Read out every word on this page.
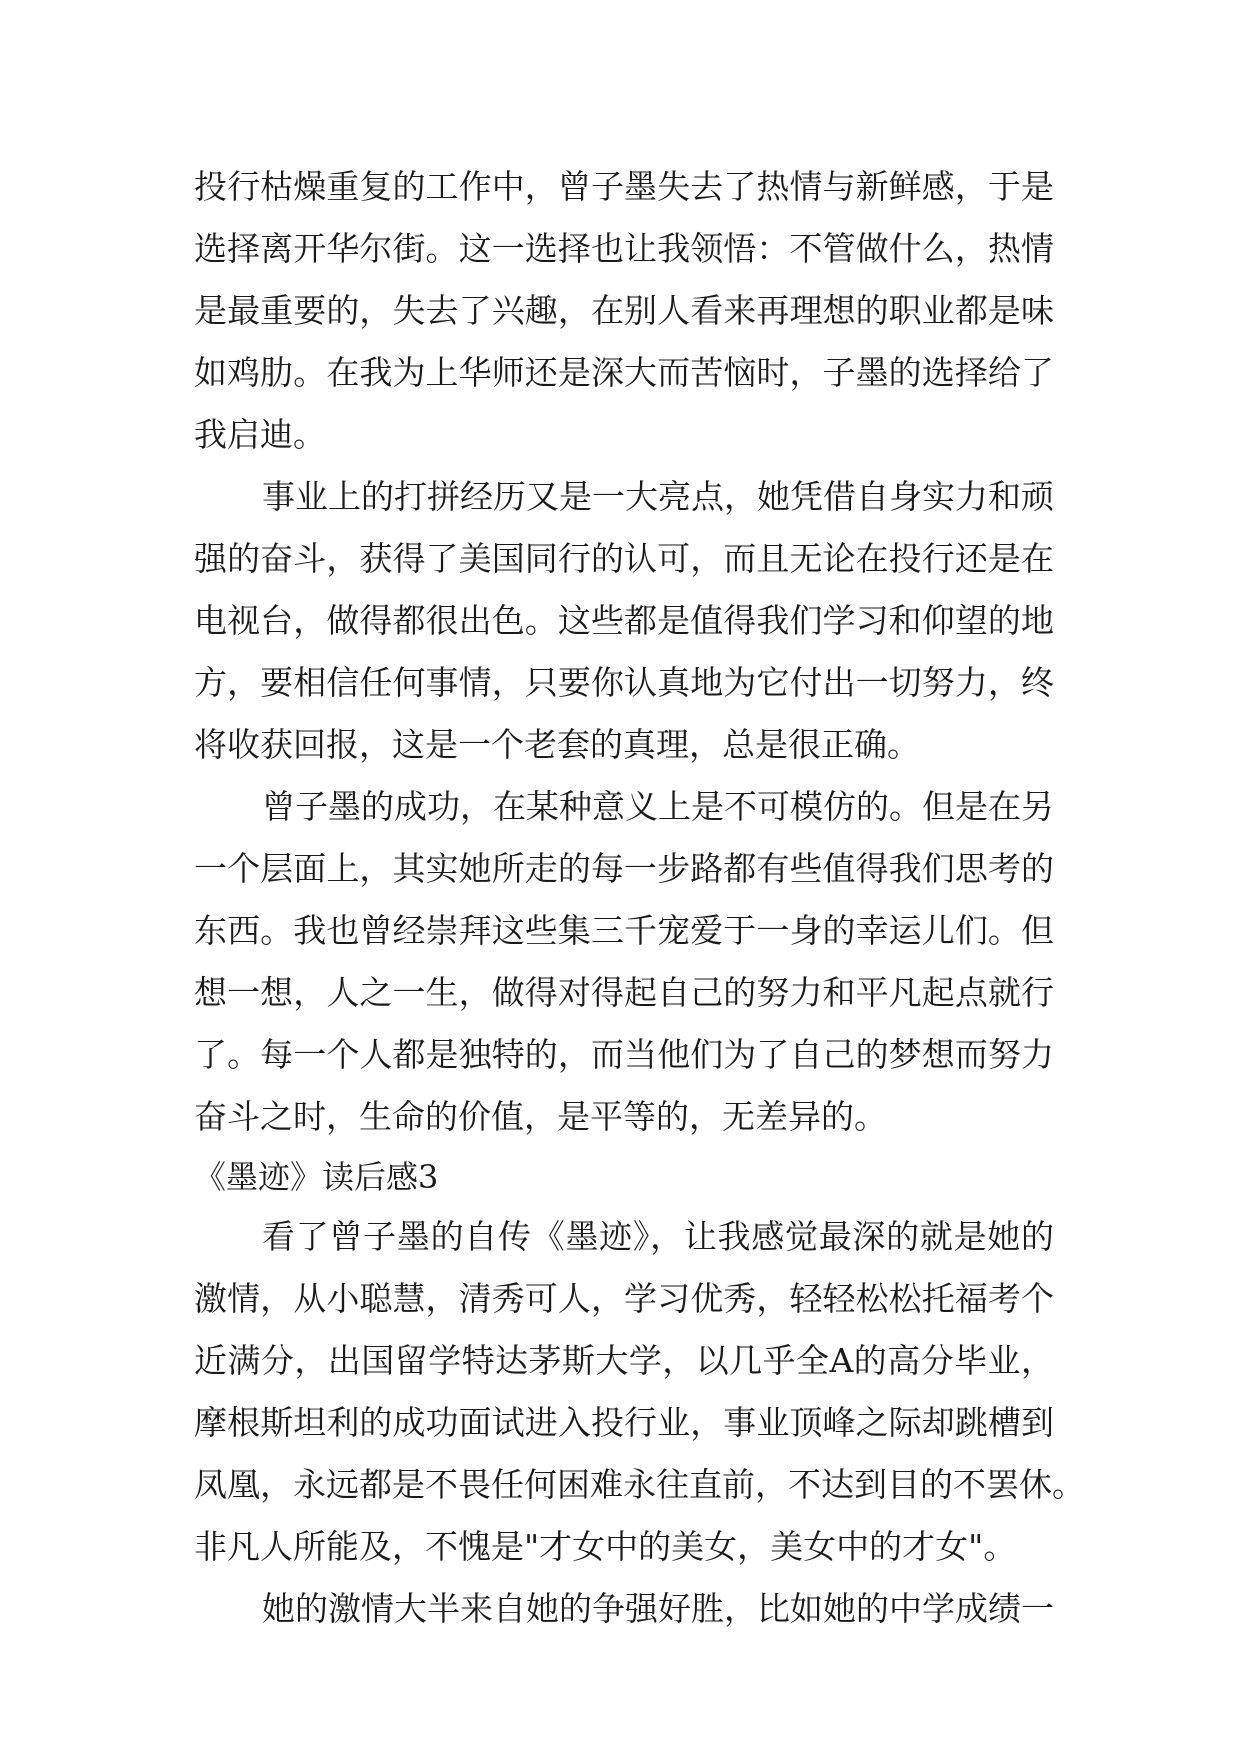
投行枯燥重复的工作中，曾子墨失去了热情与新鲜感，于是
选择离开华尔街。这一选择也让我领悟：不管做什么，热情
是最重要的，失去了兴趣，在别人看来再理想的职业都是味
如鸡肋。在我为上华师还是深大而苦恼时，子墨的选择给了
我启迪。
事业上的打拼经历又是一大亮点，她凭借自身实力和顽
强的奋斗，获得了美国同行的认可，而且无论在投行还是在
电视台，做得都很出色。这些都是值得我们学习和仰望的地
方，要相信任何事情，只要你认真地为它付出一切努力，终
将收获回报，这是一个老套的真理，总是很正确。
曾子墨的成功，在某种意义上是不可模仿的。但是在另
一个层面上，其实她所走的每一步路都有些值得我们思考的
东西。我也曾经崇拜这些集三千宠爱于一身的幸运儿们。但
想一想，人之一生，做得对得起自己的努力和平凡起点就行
了。每一个人都是独特的，而当他们为了自己的梦想而努力
奋斗之时，生命的价值，是平等的，无差异的。
《墨迹》读后感3
看了曾子墨的自传《墨迹》，让我感觉最深的就是她的
激情，从小聪慧，清秀可人，学习优秀，轻轻松松托福考个
近满分，出国留学特达茅斯大学，以几乎全A的高分毕业，
摩根斯坦利的成功面试进入投行业，事业顶峰之际却跳槽到
凤凰，永远都是不畏任何困难永往直前，不达到目的不罢休。
非凡人所能及，不愧是"才女中的美女，美女中的才女"。
她的激情大半来自她的争强好胜，比如她的中学成绩一
